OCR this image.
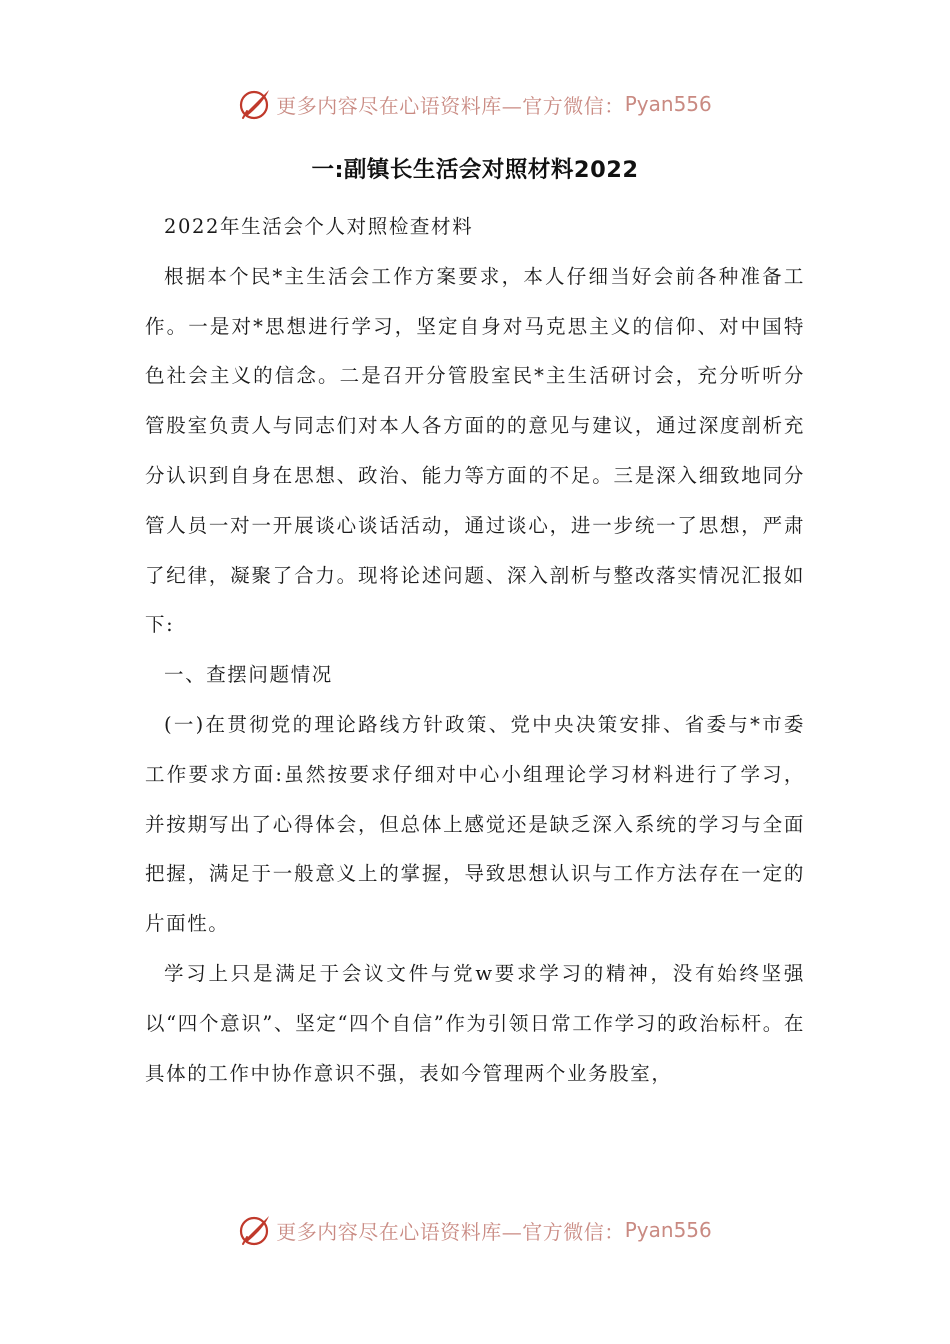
更多内容尽在心语资料库—官方微信： Pyan556
一:副镇长生活会对照材料2022

2022年生活会个人对照检查材料

根据本个民*主生活会工作方案要求，本人仔细当好会前各种准备工作。一是对*思想进行学习，坚定自身对马克思主义的信仰、对中国特色社会主义的信念。二是召开分管股室民*主生活研讨会，充分听听分管股室负责人与同志们对本人各方面的的意见与建议，通过深度剖析充分认识到自身在思想、政治、能力等方面的不足。三是深入细致地同分管人员一对一开展谈心谈话活动，通过谈心，进一步统一了思想，严肃了纪律，凝聚了合力。现将论述问题、深入剖析与整改落实情况汇报如下:

一、查摆问题情况

(一)在贯彻党的理论路线方针政策、党中央决策安排、省委与*市委工作要求方面:虽然按要求仔细对中心小组理论学习材料进行了学习，并按期写出了心得体会，但总体上感觉还是缺乏深入系统的学习与全面把握，满足于一般意义上的掌握，导致思想认识与工作方法存在一定的片面性。

学习上只是满足于会议文件与党w要求学习的精神，没有始终坚强以“四个意识”、坚定“四个自信”作为引领日常工作学习的政治标杆。在具体的工作中协作意识不强，表如今管理两个业务股室，

更多内容尽在心语资料库—官方微信： Pyan556
